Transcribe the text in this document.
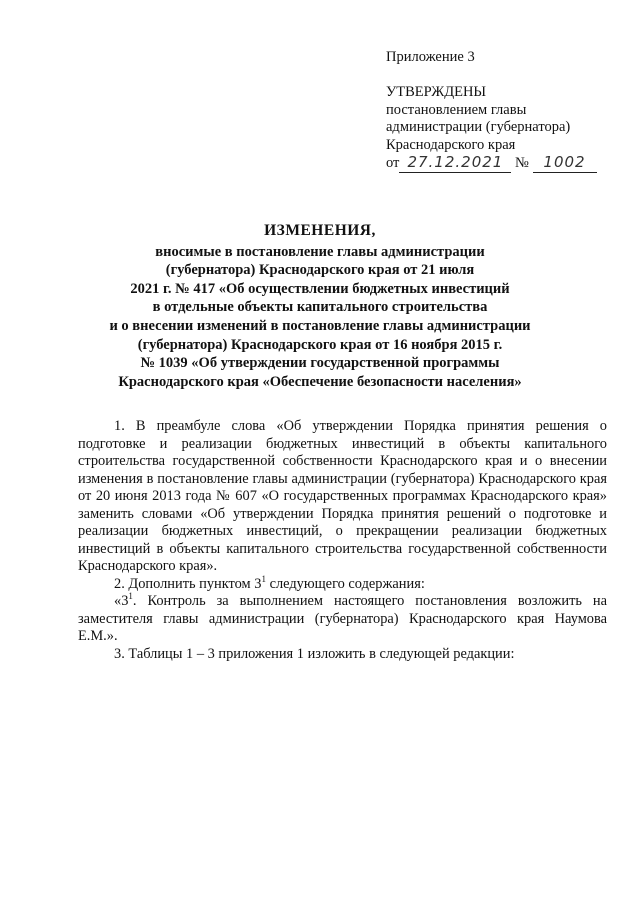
Приложение 3
УТВЕРЖДЕНЫ
постановлением главы
администрации (губернатора)
Краснодарского края
от 27.12.2021 № 1002
ИЗМЕНЕНИЯ,
вносимые в постановление главы администрации
(губернатора) Краснодарского края от 21 июля
2021 г. № 417 «Об осуществлении бюджетных инвестиций
в отдельные объекты капитального строительства
и о внесении изменений в постановление главы администрации
(губернатора) Краснодарского края от 16 ноября 2015 г.
№ 1039 «Об утверждении государственной программы
Краснодарского края «Обеспечение безопасности населения»

1. В преамбуле слова «Об утверждении Порядка принятия решения о подготовке и реализации бюджетных инвестиций в объекты капитального строительства государственной собственности Краснодарского края и о внесении изменения в постановление главы администрации (губернатора) Краснодарского края от 20 июня 2013 года № 607 «О государственных программах Краснодарского края» заменить словами «Об утверждении Порядка принятия решений о подготовке и реализации бюджетных инвестиций, о прекращении реализации бюджетных инвестиций в объекты капитального строительства государственной собственности Краснодарского края».

2. Дополнить пунктом $3^1$ следующего содержания:

«$3^1$. Контроль за выполнением настоящего постановления возложить на заместителя главы администрации (губернатора) Краснодарского края Наумова Е.М.».

3. Таблицы 1 – 3 приложения 1 изложить в следующей редакции:
